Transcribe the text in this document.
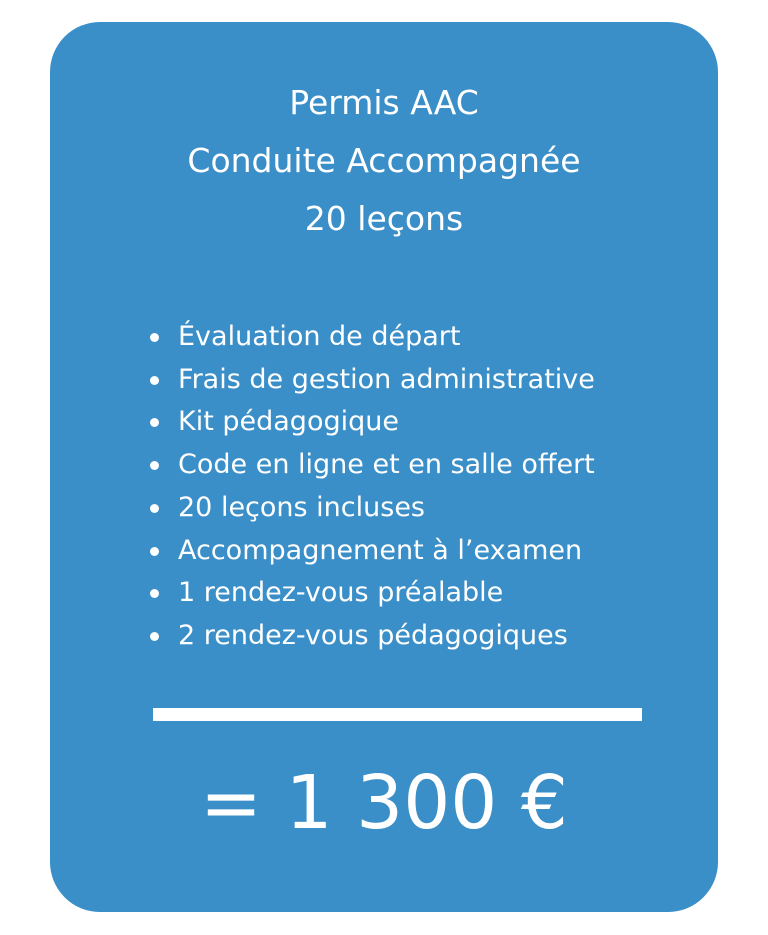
Permis AAC
Conduite Accompagnée
20 leçons
Évaluation de départ
Frais de gestion administrative
Kit pédagogique
Code en ligne et en salle offert
20 leçons incluses
Accompagnement à l’examen
1 rendez-vous préalable
2 rendez-vous pédagogiques
= 1 300 €
